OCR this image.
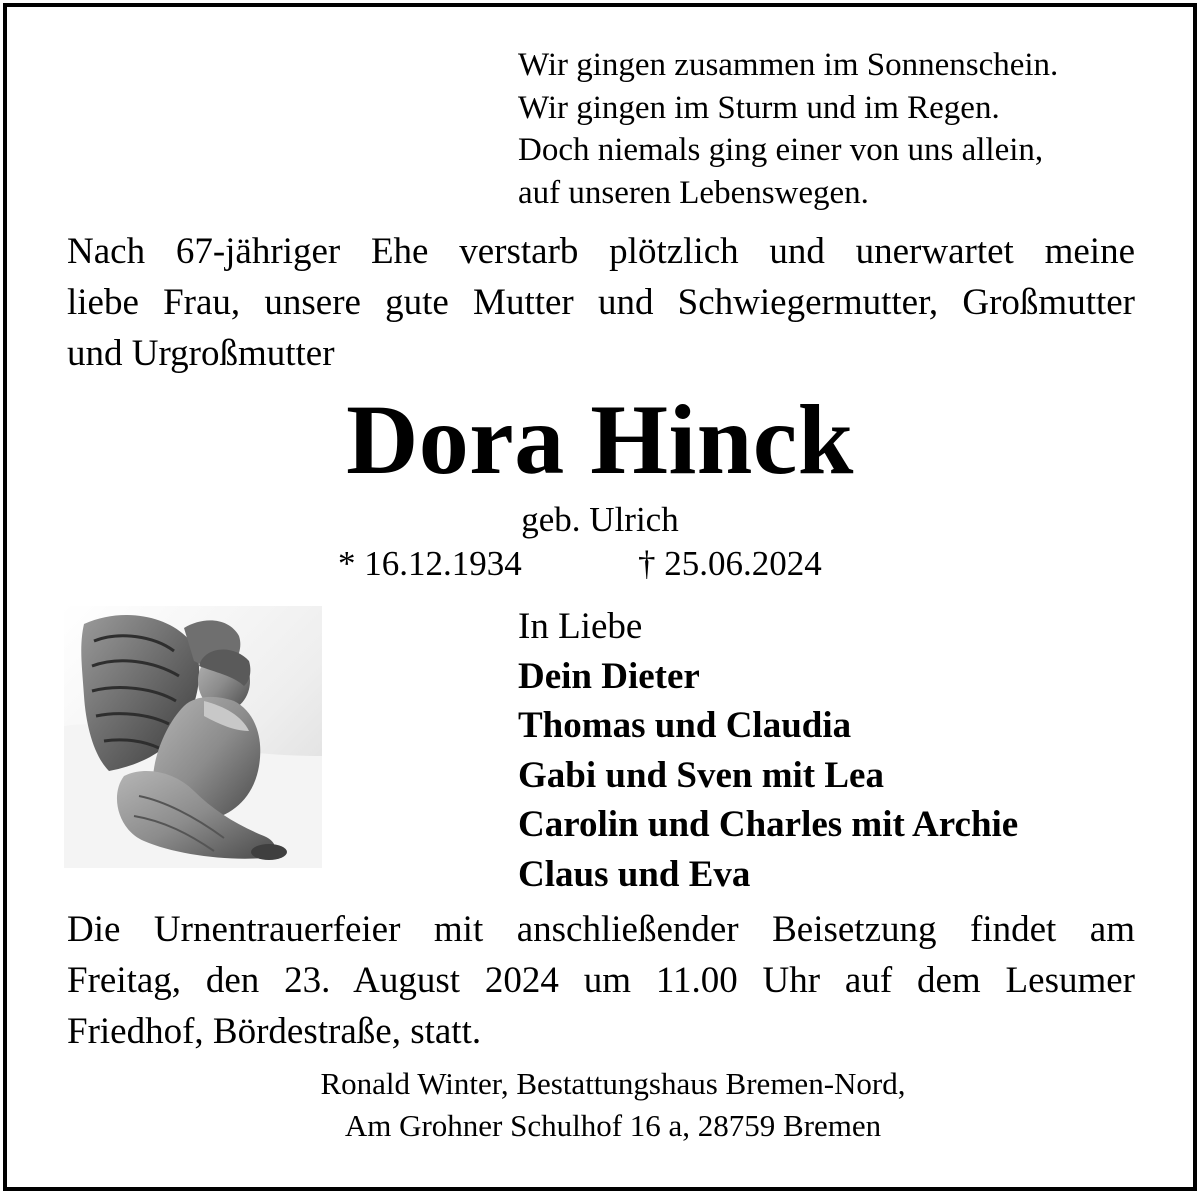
Wir gingen zusammen im Sonnenschein.
Wir gingen im Sturm und im Regen.
Doch niemals ging einer von uns allein,
auf unseren Lebenswegen.
Nach 67-jähriger Ehe verstarb plötzlich und unerwartet meine
liebe Frau, unsere gute Mutter und Schwiegermutter, Großmutter
und Urgroßmutter
Dora Hinck
geb. Ulrich
* 16.12.1934	† 25.06.2024
In Liebe
Dein Dieter
Thomas und Claudia
Gabi und Sven mit Lea
Carolin und Charles mit Archie
Claus und Eva
Die Urnentrauerfeier mit anschließender Beisetzung findet am
Freitag, den 23. August 2024 um 11.00 Uhr auf dem Lesumer
Friedhof, Bördestraße, statt.
Ronald Winter, Bestattungshaus Bremen-Nord,
Am Grohner Schulhof 16 a, 28759 Bremen
